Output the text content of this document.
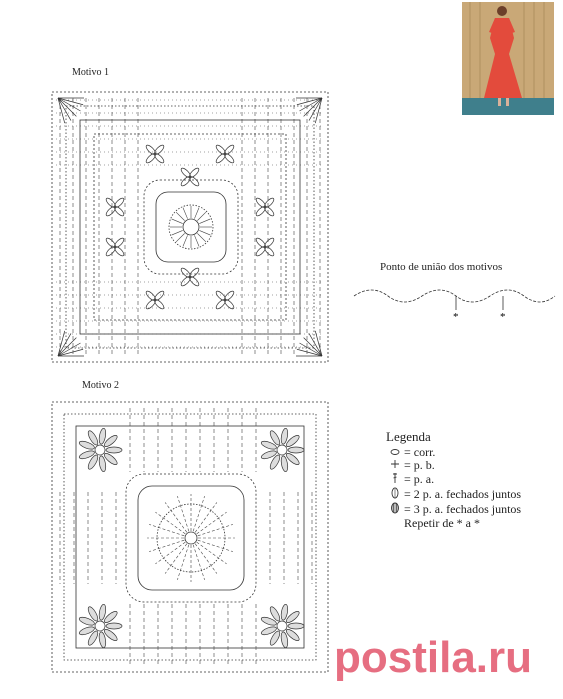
Motivo 1
Motivo 2
Ponto de união dos motivos
*	*
Legenda
= corr.
= p. b.
= p. a.
= 2 p. a. fechados juntos
= 3 p. a. fechados juntos
Repetir de * a *
postila.ru
